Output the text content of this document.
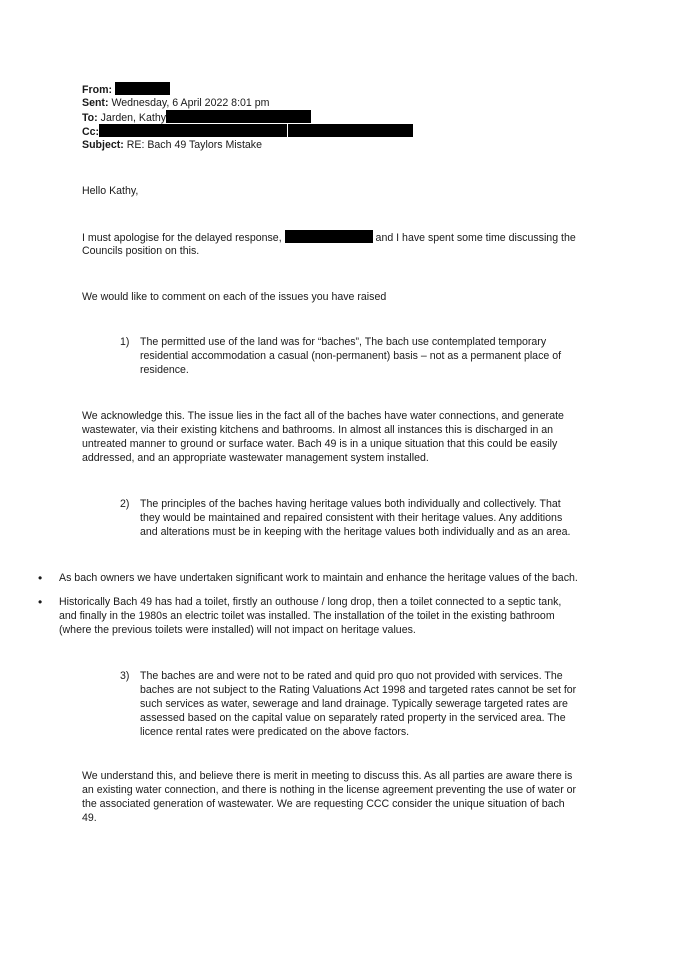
From:
Sent: Wednesday, 6 April 2022 8:01 pm
To: Jarden, Kathy
Cc:
Subject: RE: Bach 49 Taylors Mistake
Hello Kathy,
I must apologise for the delayed response,	and I have spent some time discussing the
Councils position on this.
We would like to comment on each of the issues you have raised
1) The permitted use of the land was for “baches”, The bach use contemplated temporary

residential accommodation a casual (non-permanent) basis – not as a permanent place of

residence.

We acknowledge this. The issue lies in the fact all of the baches have water connections, and generate

wastewater, via their existing kitchens and bathrooms. In almost all instances this is discharged in an

untreated manner to ground or surface water. Bach 49 is in a unique situation that this could be easily

addressed, and an appropriate wastewater management system installed.

2) The principles of the baches having heritage values both individually and collectively. That

they would be maintained and repaired consistent with their heritage values. Any additions

and alterations must be in keeping with the heritage values both individually and as an area.

• As bach owners we have undertaken significant work to maintain and enhance the heritage values of the bach.

• Historically Bach 49 has had a toilet, firstly an outhouse / long drop, then a toilet connected to a septic tank,

and finally in the 1980s an electric toilet was installed. The installation of the toilet in the existing bathroom

(where the previous toilets were installed) will not impact on heritage values.

3) The baches are and were not to be rated and quid pro quo not provided with services. The

baches are not subject to the Rating Valuations Act 1998 and targeted rates cannot be set for

such services as water, sewerage and land drainage. Typically sewerage targeted rates are

assessed based on the capital value on separately rated property in the serviced area. The

licence rental rates were predicated on the above factors.

We understand this, and believe there is merit in meeting to discuss this. As all parties are aware there is

an existing water connection, and there is nothing in the license agreement preventing the use of water or

the associated generation of wastewater. We are requesting CCC consider the unique situation of bach

49.
